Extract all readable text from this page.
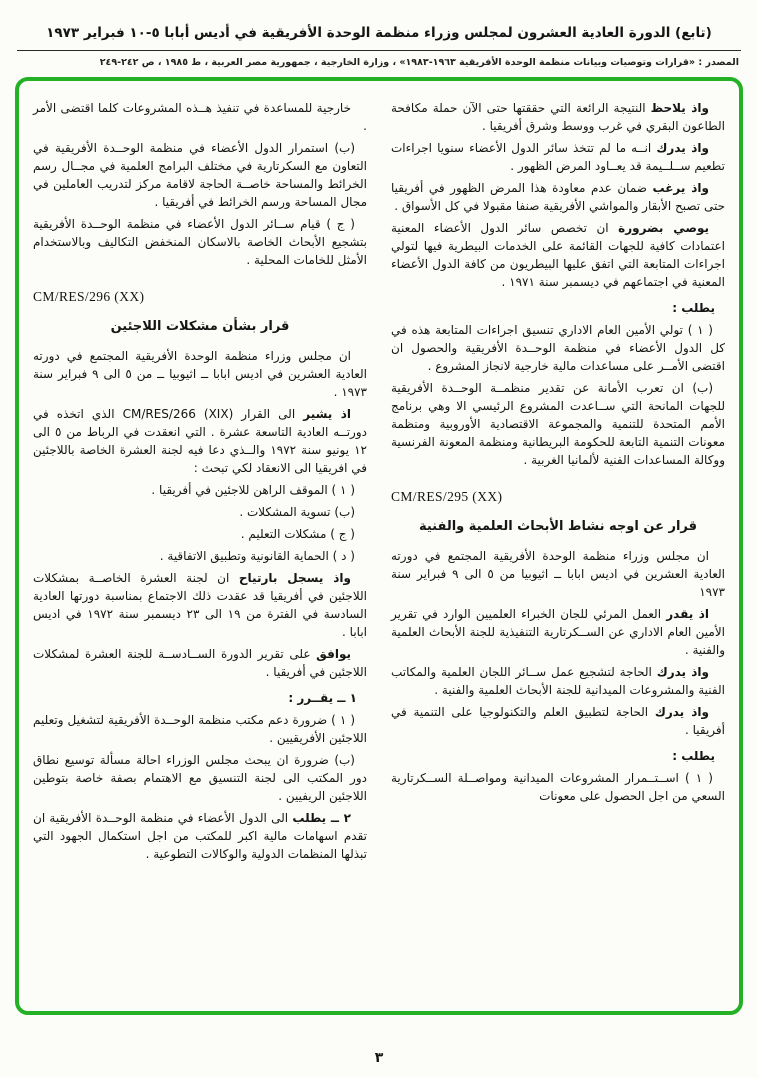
(تابع) الدورة العادية العشرون لمجلس وزراء منظمة الوحدة الأفريقية في أديس أبابا ٥-١٠ فبراير ١٩٧٣
المصدر : «قرارات وتوصيات وبيانات منظمة الوحدة الأفريقية ١٩٦٣-١٩٨٣» ، وزارة الخارجية ، جمهورية مصر العربية ، ط ١٩٨٥ ، ص ٢٤٢-٢٤٩

واذ يلاحظ النتيجة الرائعة التي حققتها حتى الآن حملة مكافحة الطاعون البقري في غرب ووسط وشرق أفريقيا .

واذ يدرك انــه ما لم تتخذ سائر الدول الأعضاء سنويا اجراءات تطعيم ســلــيمة قد يعــاود المرض الظهور .

واذ يرغب ضمان عدم معاودة هذا المرض الظهور في أفريقيا حتى تصبح الأبقار والمواشي الأفريقية صنفا مقبولا في كل الأسواق .

يوصي بضرورة ان تخصص سائر الدول الأعضاء المعنية اعتمادات كافية للجهات القائمة على الخدمات البيطرية فيها لتولي اجراءات المتابعة التي اتفق عليها البيطريون من كافة الدول الأعضاء المعنية في اجتماعهم في ديسمبر سنة ١٩٧١ .

يطلب :

( ١ ) تولي الأمين العام الاداري تنسيق اجراءات المتابعة هذه في كل الدول الأعضاء في منظمة الوحــدة الأفريقية والحصول ان اقتضى الأمــر على مساعدات مالية خارجية لانجاز المشروع .

(ب) ان تعرب الأمانة عن تقدير منظمــة الوحــدة الأفريقية للجهات المانحة التي ســاعدت المشروع الرئيسي الا وهي برنامج الأمم المتحدة للتنمية والمجموعة الاقتصادية الأوروبية ومنظمة معونات التنمية التابعة للحكومة البريطانية ومنظمة المعونة الفرنسية ووكالة المساعدات الفنية لألمانيا الغربية .

CM/RES/295 (XX)

قرار عن اوجه نشاط الأبحاث العلمية والفنية

ان مجلس وزراء منظمة الوحدة الأفريقية المجتمع في دورته العادية العشرين في اديس ابابا ــ اثيوبيا من ٥ الى ٩ فبراير سنة ١٩٧٣

اذ يقدر العمل المرئي للجان الخبراء العلميين الوارد في تقرير الأمين العام الاداري عن الســكرتارية التنفيذية للجنة الأبحاث العلمية والفنية .

واذ يدرك الحاجة لتشجيع عمل ســائر اللجان العلمية والمكاتب الفنية والمشروعات الميدانية للجنة الأبحاث العلمية والفنية .

واذ يدرك الحاجة لتطبيق العلم والتكنولوجيا على التنمية في أفريقيا .

يطلب :

( ١ ) اســتــمرار المشروعات الميدانية ومواصــلة الســكرتارية السعي من اجل الحصول على معونات

خارجية للمساعدة في تنفيذ هــذه المشروعات كلما اقتضى الأمر .

(ب) استمرار الدول الأعضاء في منظمة الوحــدة الأفريقية في التعاون مع السكرتارية في مختلف البرامج العلمية في مجــال رسم الخرائط والمساحة خاصــة الحاجة لاقامة مركز لتدريب العاملين في مجال المساحة ورسم الخرائط في أفريقيا .

( ج ) قيام ســائر الدول الأعضاء في منظمة الوحــدة الأفريقية بتشجيع الأبحاث الخاصة بالاسكان المنخفض التكاليف وبالاستخدام الأمثل للخامات المحلية .

CM/RES/296 (XX)

قرار بشأن مشكلات اللاجئين

ان مجلس وزراء منظمة الوحدة الأفريقية المجتمع في دورته العادية العشرين في اديس ابابا ــ اثيوبيا ــ من ٥ الى ٩ فبراير سنة ١٩٧٣ .

اذ يشير الى القرار CM/RES/266 (XIX) الذي اتخذه في دورتــه العادية التاسعة عشرة . التي انعقدت في الرباط من ٥ الى ١٢ يونيو سنة ١٩٧٢ والــذي دعا فيه لجنة العشرة الخاصة باللاجئين في افريقيا الى الانعقاد لكي تبحث :

( ١ ) الموقف الراهن للاجئين في أفريقيا .

(ب) تسوية المشكلات .

( ج ) مشكلات التعليم .

( د ) الحماية القانونية وتطبيق الاتفاقية .

واذ يسجل بارتياح ان لجنة العشرة الخاصــة بمشكلات اللاجئين في أفريقيا قد عقدت ذلك الاجتماع بمناسبة دورتها العادية السادسة في الفترة من ١٩ الى ٢٣ ديسمبر سنة ١٩٧٢ في اديس ابابا .

يوافق على تقرير الدورة الســادســة للجنة العشرة لمشكلات اللاجئين في أفريقيا .

١ ــ يقــرر :

( ١ ) ضرورة دعم مكتب منظمة الوحــدة الأفريقية لتشغيل وتعليم اللاجئين الأفريقيين .

(ب) ضرورة ان يبحث مجلس الوزراء احالة مسألة توسيع نطاق دور المكتب الى لجنة التنسيق مع الاهتمام بصفة خاصة بتوطين اللاجئين الريفيين .

٢ ــ يطلب الى الدول الأعضاء في منظمة الوحــدة الأفريقية ان تقدم اسهامات مالية اكبر للمكتب من اجل استكمال الجهود التي تبذلها المنظمات الدولية والوكالات التطوعية .

٣
